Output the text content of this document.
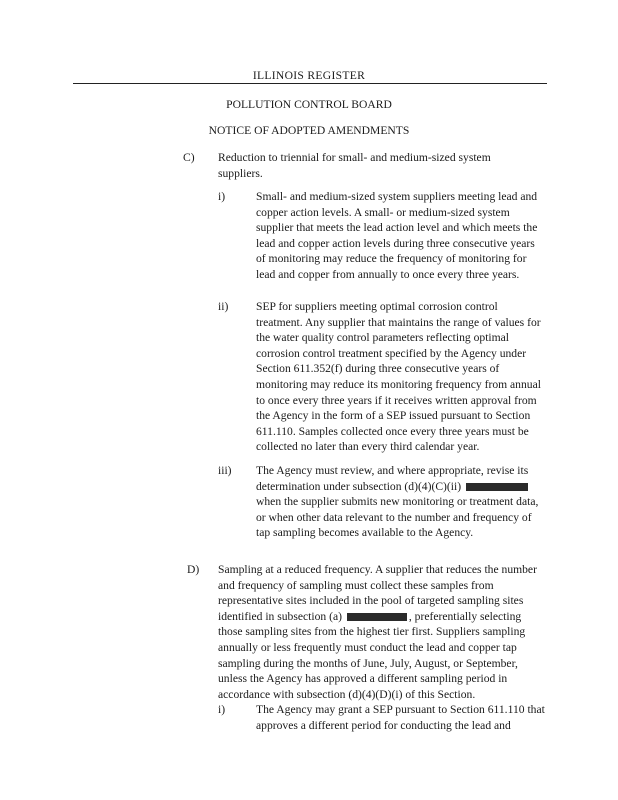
ILLINOIS REGISTER
POLLUTION CONTROL BOARD
NOTICE OF ADOPTED AMENDMENTS
C) Reduction to triennial for small- and medium-sized system suppliers.
i)	Small- and medium-sized system suppliers meeting lead and copper action levels. A small- or medium-sized system supplier that meets the lead action level and which meets the lead and copper action levels during three consecutive years of monitoring may reduce the frequency of monitoring for lead and copper from annually to once every three years.
ii) SEP for suppliers meeting optimal corrosion control treatment. Any supplier that maintains the range of values for the water quality control parameters reflecting optimal corrosion control treatment specified by the Agency under Section 611.352(f) during three consecutive years of monitoring may reduce its monitoring frequency from annual to once every three years if it receives written approval from the Agency in the form of a SEP issued pursuant to Section 611.110. Samples collected once every three years must be collected no later than every third calendar year.
iii) The Agency must review, and where appropriate, revise its determination under subsection (d)(4)(C)(ii)  when the supplier submits new monitoring or treatment data, or when other data relevant to the number and frequency of tap sampling becomes available to the Agency.
D) Sampling at a reduced frequency. A supplier that reduces the number and frequency of sampling must collect these samples from representative sites included in the pool of targeted sampling sites identified in subsection (a)	, preferentially selecting those sampling sites from the highest tier first. Suppliers sampling annually or less frequently must conduct the lead and copper tap sampling during the months of June, July, August, or September, unless the Agency has approved a different sampling period in accordance with subsection (d)(4)(D)(i) of this Section.
i)	The Agency may grant a SEP pursuant to Section 611.110 that approves a different period for conducting the lead and
